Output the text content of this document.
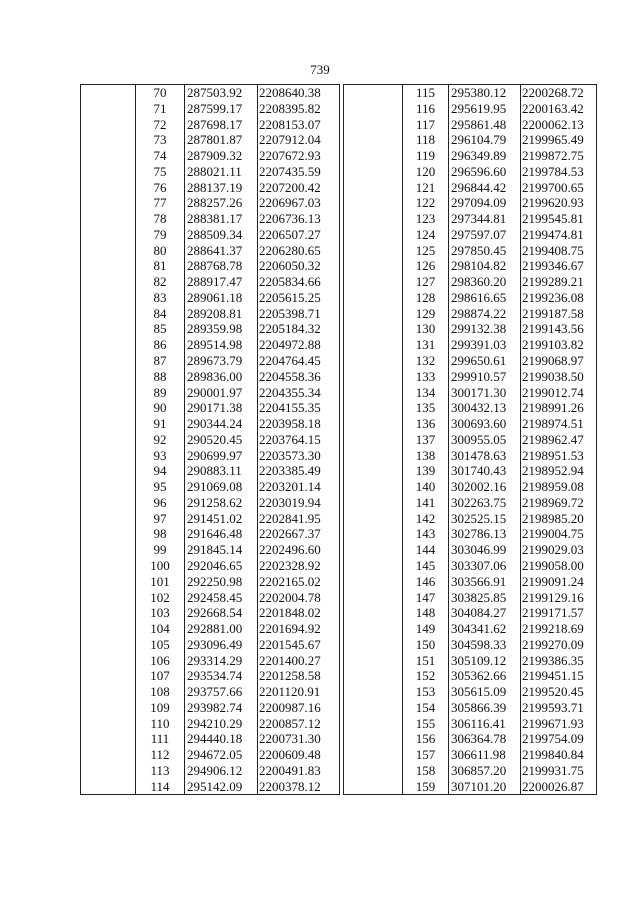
739
	70	287503.92	2208640.38
	71	287599.17	2208395.82
	72	287698.17	2208153.07
	73	287801.87	2207912.04
	74	287909.32	2207672.93
	75	288021.11	2207435.59
	76	288137.19	2207200.42
	77	288257.26	2206967.03
	78	288381.17	2206736.13
	79	288509.34	2206507.27
	80	288641.37	2206280.65
	81	288768.78	2206050.32
	82	288917.47	2205834.66
	83	289061.18	2205615.25
	84	289208.81	2205398.71
	85	289359.98	2205184.32
	86	289514.98	2204972.88
	87	289673.79	2204764.45
	88	289836.00	2204558.36
	89	290001.97	2204355.34
	90	290171.38	2204155.35
	91	290344.24	2203958.18
	92	290520.45	2203764.15
	93	290699.97	2203573.30
	94	290883.11	2203385.49
	95	291069.08	2203201.14
	96	291258.62	2203019.94
	97	291451.02	2202841.95
	98	291646.48	2202667.37
	99	291845.14	2202496.60
	100	292046.65	2202328.92
	101	292250.98	2202165.02
	102	292458.45	2202004.78
	103	292668.54	2201848.02
	104	292881.00	2201694.92
	105	293096.49	2201545.67
	106	293314.29	2201400.27
	107	293534.74	2201258.58
	108	293757.66	2201120.91
	109	293982.74	2200987.16
	110	294210.29	2200857.12
	111	294440.18	2200731.30
	112	294672.05	2200609.48
	113	294906.12	2200491.83
	114	295142.09	2200378.12
	115	295380.12	2200268.72
	116	295619.95	2200163.42
	117	295861.48	2200062.13
	118	296104.79	2199965.49
	119	296349.89	2199872.75
	120	296596.60	2199784.53
	121	296844.42	2199700.65
	122	297094.09	2199620.93
	123	297344.81	2199545.81
	124	297597.07	2199474.81
	125	297850.45	2199408.75
	126	298104.82	2199346.67
	127	298360.20	2199289.21
	128	298616.65	2199236.08
	129	298874.22	2199187.58
	130	299132.38	2199143.56
	131	299391.03	2199103.82
	132	299650.61	2199068.97
	133	299910.57	2199038.50
	134	300171.30	2199012.74
	135	300432.13	2198991.26
	136	300693.60	2198974.51
	137	300955.05	2198962.47
	138	301478.63	2198951.53
	139	301740.43	2198952.94
	140	302002.16	2198959.08
	141	302263.75	2198969.72
	142	302525.15	2198985.20
	143	302786.13	2199004.75
	144	303046.99	2199029.03
	145	303307.06	2199058.00
	146	303566.91	2199091.24
	147	303825.85	2199129.16
	148	304084.27	2199171.57
	149	304341.62	2199218.69
	150	304598.33	2199270.09
	151	305109.12	2199386.35
	152	305362.66	2199451.15
	153	305615.09	2199520.45
	154	305866.39	2199593.71
	155	306116.41	2199671.93
	156	306364.78	2199754.09
	157	306611.98	2199840.84
	158	306857.20	2199931.75
	159	307101.20	2200026.87
